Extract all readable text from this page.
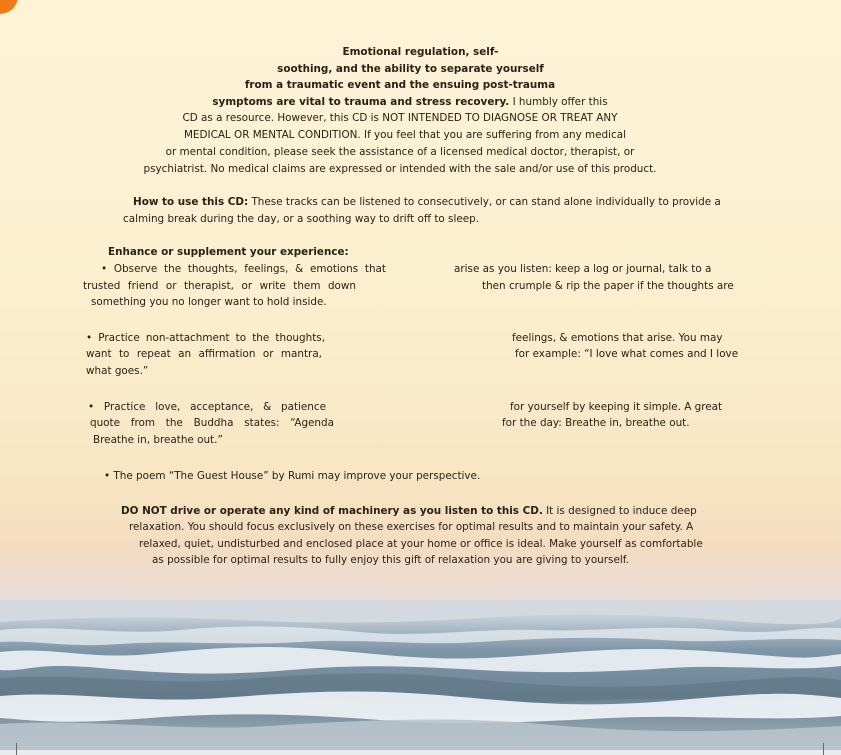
Emotional regulation, self-
soothing, and the ability to separate yourself
from a traumatic event and the ensuing post-trauma
symptoms are vital to trauma and stress recovery. I humbly offer this
CD as a resource. However, this CD is NOT INTENDED TO DIAGNOSE OR TREAT ANY
MEDICAL OR MENTAL CONDITION. If you feel that you are suffering from any medical
or mental condition, please seek the assistance of a licensed medical doctor, therapist, or
psychiatrist. No medical claims are expressed or intended with the sale and/or use of this product.
How to use this CD: These tracks can be listened to consecutively, or can stand alone individually to provide a
calming break during the day, or a soothing way to drift off to sleep.
Enhance or supplement your experience:
• Observe the thoughts, feelings, & emotions that
trusted friend or therapist, or write them down
something you no longer want to hold inside.
arise as you listen: keep a log or journal, talk to a
then crumple & rip the paper if the thoughts are
• Practice non-attachment to the thoughts,
want to repeat an affirmation or mantra,
what goes.”
feelings, & emotions that arise. You may
for example: “I love what comes and I love
• Practice love, acceptance, & patience
quote from the Buddha states: “Agenda
Breathe in, breathe out.”
for yourself by keeping it simple. A great
for the day: Breathe in, breathe out.
• The poem “The Guest House” by Rumi may improve your perspective.
DO NOT drive or operate any kind of machinery as you listen to this CD. It is designed to induce deep
relaxation. You should focus exclusively on these exercises for optimal results and to maintain your safety. A
relaxed, quiet, undisturbed and enclosed place at your home or office is ideal. Make yourself as comfortable
as possible for optimal results to fully enjoy this gift of relaxation you are giving to yourself.
